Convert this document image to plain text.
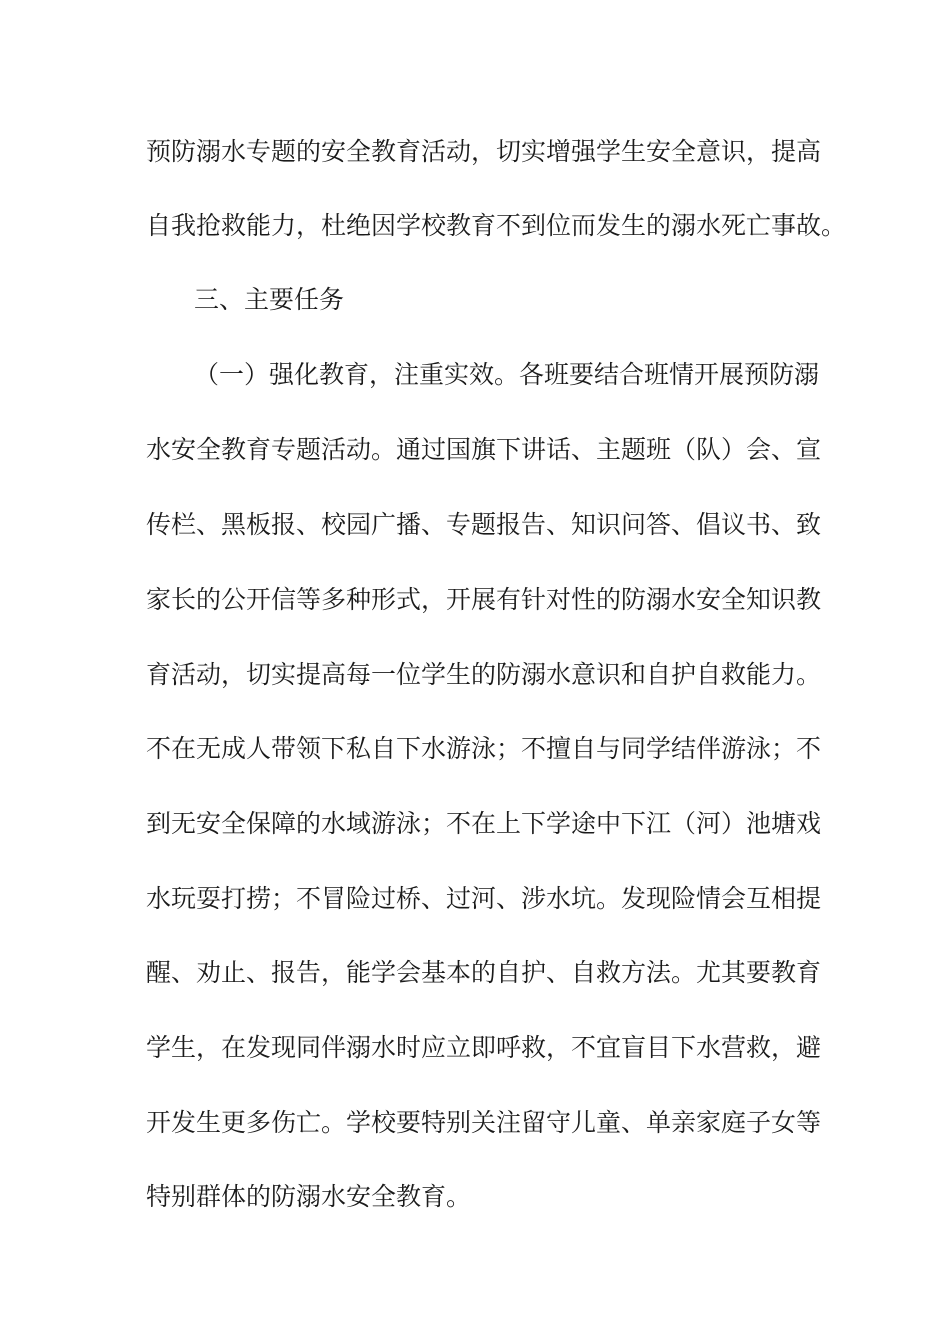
预防溺水专题的安全教育活动，切实增强学生安全意识，提高
自我抢救能力，杜绝因学校教育不到位而发生的溺水死亡事故。
三、主要任务
（一）强化教育，注重实效。各班要结合班情开展预防溺
水安全教育专题活动。通过国旗下讲话、主题班（队）会、宣
传栏、黑板报、校园广播、专题报告、知识问答、倡议书、致
家长的公开信等多种形式，开展有针对性的防溺水安全知识教
育活动，切实提高每一位学生的防溺水意识和自护自救能力。
不在无成人带领下私自下水游泳；不擅自与同学结伴游泳；不
到无安全保障的水域游泳；不在上下学途中下江（河）池塘戏
水玩耍打捞；不冒险过桥、过河、涉水坑。发现险情会互相提
醒、劝止、报告，能学会基本的自护、自救方法。尤其要教育
学生，在发现同伴溺水时应立即呼救，不宜盲目下水营救，避
开发生更多伤亡。学校要特别关注留守儿童、单亲家庭子女等
特别群体的防溺水安全教育。
